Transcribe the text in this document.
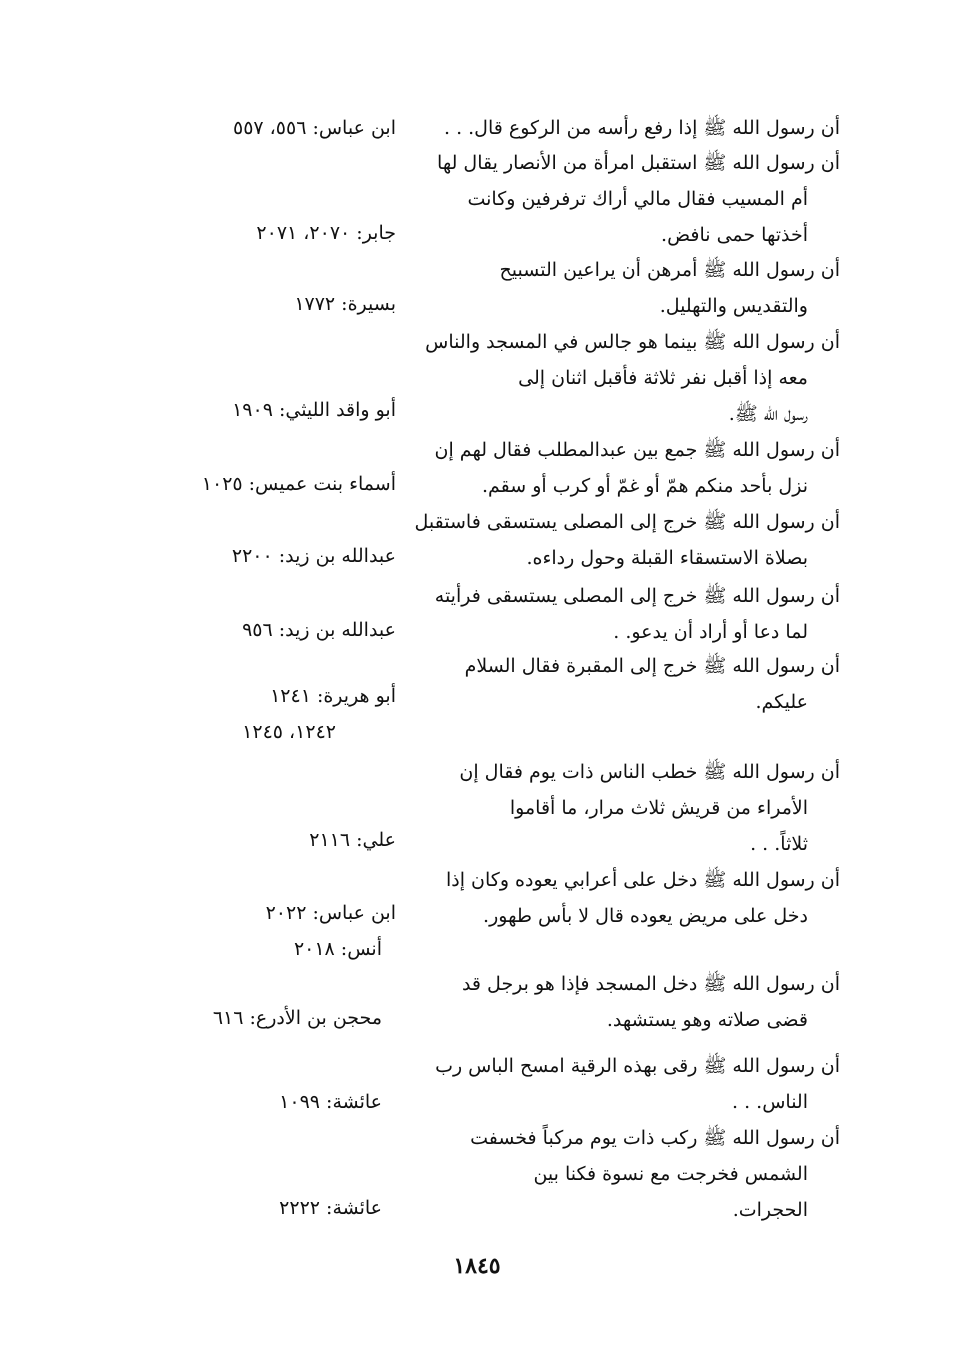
أن رسول الله ﷺ إذا رفع رأسه من الركوع قال. . .
ابن عباس: ٥٥٦، ٥٥٧
أن رسول الله ﷺ استقبل امرأة من الأنصار يقال لها
أم المسيب فقال مالي أراك ترفرفين وكانت
أخذتها حمى نافض.
جابر: ٢٠٧٠، ٢٠٧١
أن رسول الله ﷺ أمرهن أن يراعين التسبيح
والتقديس والتهليل.
بسيرة: ١٧٧٢
أن رسول الله ﷺ بينما هو جالس في المسجد والناس
معه إذا أقبل نفر ثلاثة فأقبل اثنان إلى
رسول الله ﷺ.
أبو واقد الليثي: ١٩٠٩
أن رسول الله ﷺ جمع بين عبدالمطلب فقال لهم إن
نزل بأحد منكم همّ أو غمّ أو كرب أو سقم.
أسماء بنت عميس: ١٠٢٥
أن رسول الله ﷺ خرج إلى المصلى يستسقى فاستقبل
بصلاة الاستسقاء القبلة وحول رداءه.
عبدالله بن زيد: ٢٢٠٠
أن رسول الله ﷺ خرج إلى المصلى يستسقى فرأيته
لما دعا أو أراد أن يدعو. .
عبدالله بن زيد: ٩٥٦
أن رسول الله ﷺ خرج إلى المقبرة فقال السلام
عليكم.
أبو هريرة: ١٢٤١
١٢٤٢، ١٢٤٥
أن رسول الله ﷺ خطب الناس ذات يوم فقال إن
الأمراء من قريش ثلاث مرار، ما أقاموا
ثلاثاً. . .
علي: ٢١١٦
أن رسول الله ﷺ دخل على أعرابي يعوده وكان إذا
دخل على مريض يعوده قال لا بأس طهور.
ابن عباس: ٢٠٢٢
أنس: ٢٠١٨
أن رسول الله ﷺ دخل المسجد فإذا هو برجل قد
قضى صلاته وهو يستشهد.
محجن بن الأدرع: ٦١٦
أن رسول الله ﷺ رقى بهذه الرقية امسح الباس رب
الناس. . .
عائشة: ١٠٩٩
أن رسول الله ﷺ ركب ذات يوم مركباً فخسفت
الشمس فخرجت مع نسوة فكنا بين
الحجرات.
عائشة: ٢٢٢٢
١٨٤٥
